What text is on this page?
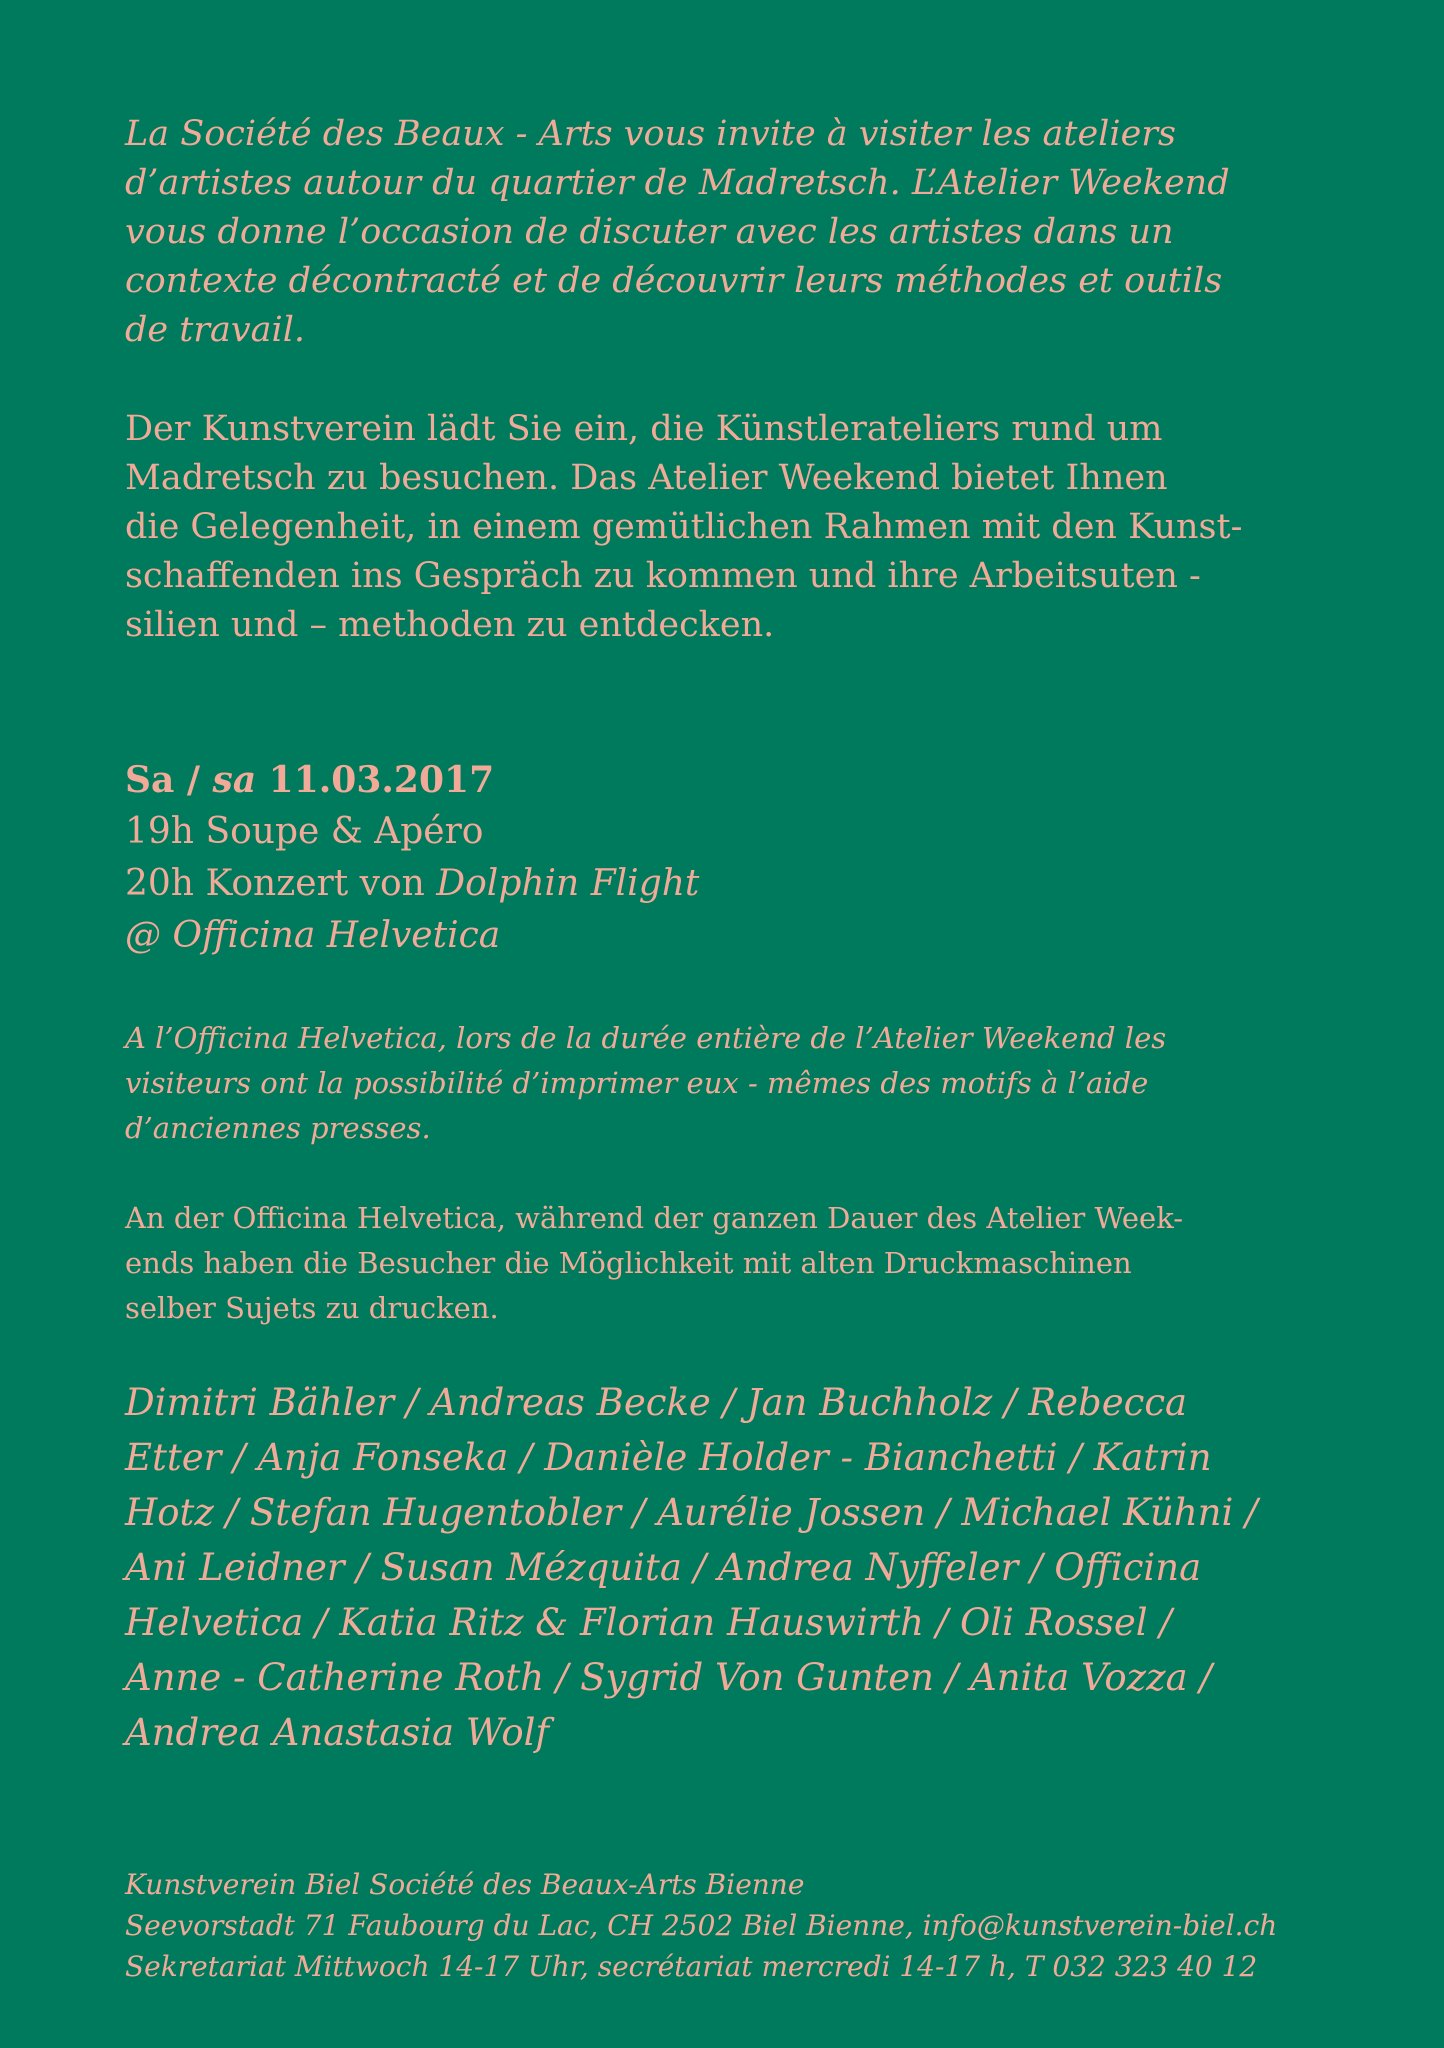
La Société des Beaux - Arts vous invite à visiter les ateliers
d’artistes autour du quartier de Madretsch. L’Atelier Weekend
vous donne l’occasion de discuter avec les artistes dans un
contexte décontracté et de découvrir leurs méthodes et outils
de travail.
Der Kunstverein lädt Sie ein, die Künstlerateliers rund um
Madretsch zu besuchen. Das Atelier Weekend bietet Ihnen
die Gelegenheit, in einem gemütlichen Rahmen mit den Kunst-
schaffenden ins Gespräch zu kommen und ihre Arbeitsuten -
silien und – methoden zu entdecken.
Sa / sa 11.03.2017
19h Soupe & Apéro
20h Konzert von Dolphin Flight
@ Officina Helvetica
A l’Officina Helvetica, lors de la durée entière de l’Atelier Weekend les
visiteurs ont la possibilité d’imprimer eux - mêmes des motifs à l’aide
d’anciennes presses.
An der Officina Helvetica, während der ganzen Dauer des Atelier Week-
ends haben die Besucher die Möglichkeit mit alten Druckmaschinen
selber Sujets zu drucken.
Dimitri Bähler / Andreas Becke / Jan Buchholz / Rebecca
Etter / Anja Fonseka / Danièle Holder - Bianchetti / Katrin
Hotz / Stefan Hugentobler / Aurélie Jossen / Michael Kühni /
Ani Leidner / Susan Mézquita / Andrea Nyffeler / Officina
Helvetica / Katia Ritz & Florian Hauswirth / Oli Rossel /
Anne - Catherine Roth / Sygrid Von Gunten / Anita Vozza /
Andrea Anastasia Wolf
Kunstverein Biel Société des Beaux-Arts Bienne
Seevorstadt 71 Faubourg du Lac, CH 2502 Biel Bienne, info@kunstverein-biel.ch
Sekretariat Mittwoch 14-17 Uhr, secrétariat mercredi 14-17 h, T 032 323 40 12
